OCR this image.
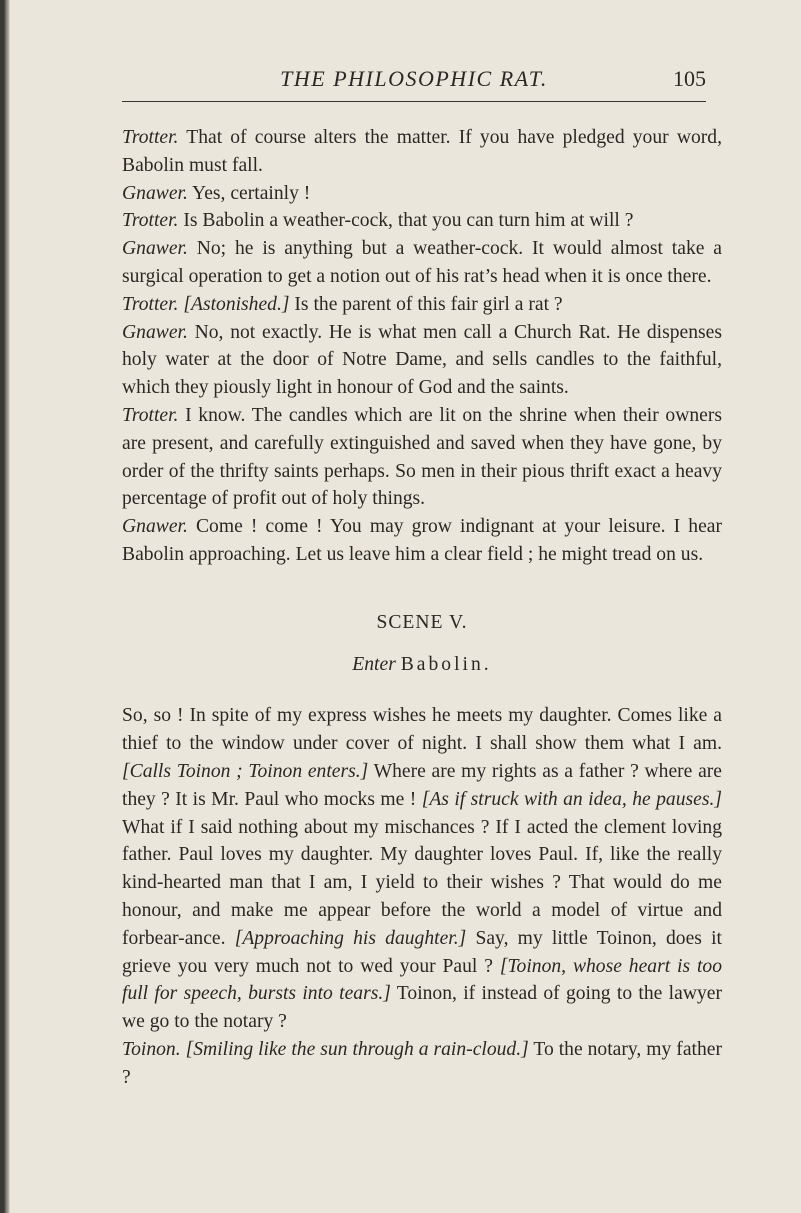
THE PHILOSOPHIC RAT.	105

Trotter. That of course alters the matter. If you have pledged your word, Babolin must fall.

Gnawer. Yes, certainly !

Trotter. Is Babolin a weather-cock, that you can turn him at will ?

Gnawer. No; he is anything but a weather-cock. It would almost take a surgical operation to get a notion out of his rat’s head when it is once there.

Trotter. [Astonished.] Is the parent of this fair girl a rat ?

Gnawer. No, not exactly. He is what men call a Church Rat. He dispenses holy water at the door of Notre Dame, and sells candles to the faithful, which they piously light in honour of God and the saints.

Trotter. I know. The candles which are lit on the shrine when their owners are present, and carefully extinguished and saved when they have gone, by order of the thrifty saints perhaps. So men in their pious thrift exact a heavy percentage of profit out of holy things.

Gnawer. Come ! come ! You may grow indignant at your leisure. I hear Babolin approaching. Let us leave him a clear field ; he might tread on us.

SCENE V.

Enter Babolin.

So, so ! In spite of my express wishes he meets my daughter. Comes like a thief to the window under cover of night. I shall show them what I am. [Calls Toinon ; Toinon enters.] Where are my rights as a father ? where are they ? It is Mr. Paul who mocks me ! [As if struck with an idea, he pauses.] What if I said nothing about my mischances ? If I acted the clement loving father. Paul loves my daughter. My daughter loves Paul. If, like the really kind-hearted man that I am, I yield to their wishes ? That would do me honour, and make me appear before the world a model of virtue and forbear-ance. [Approaching his daughter.] Say, my little Toinon, does it grieve you very much not to wed your Paul ? [Toinon, whose heart is too full for speech, bursts into tears.] Toinon, if instead of going to the lawyer we go to the notary ?

Toinon. [Smiling like the sun through a rain-cloud.] To the notary, my father ?
